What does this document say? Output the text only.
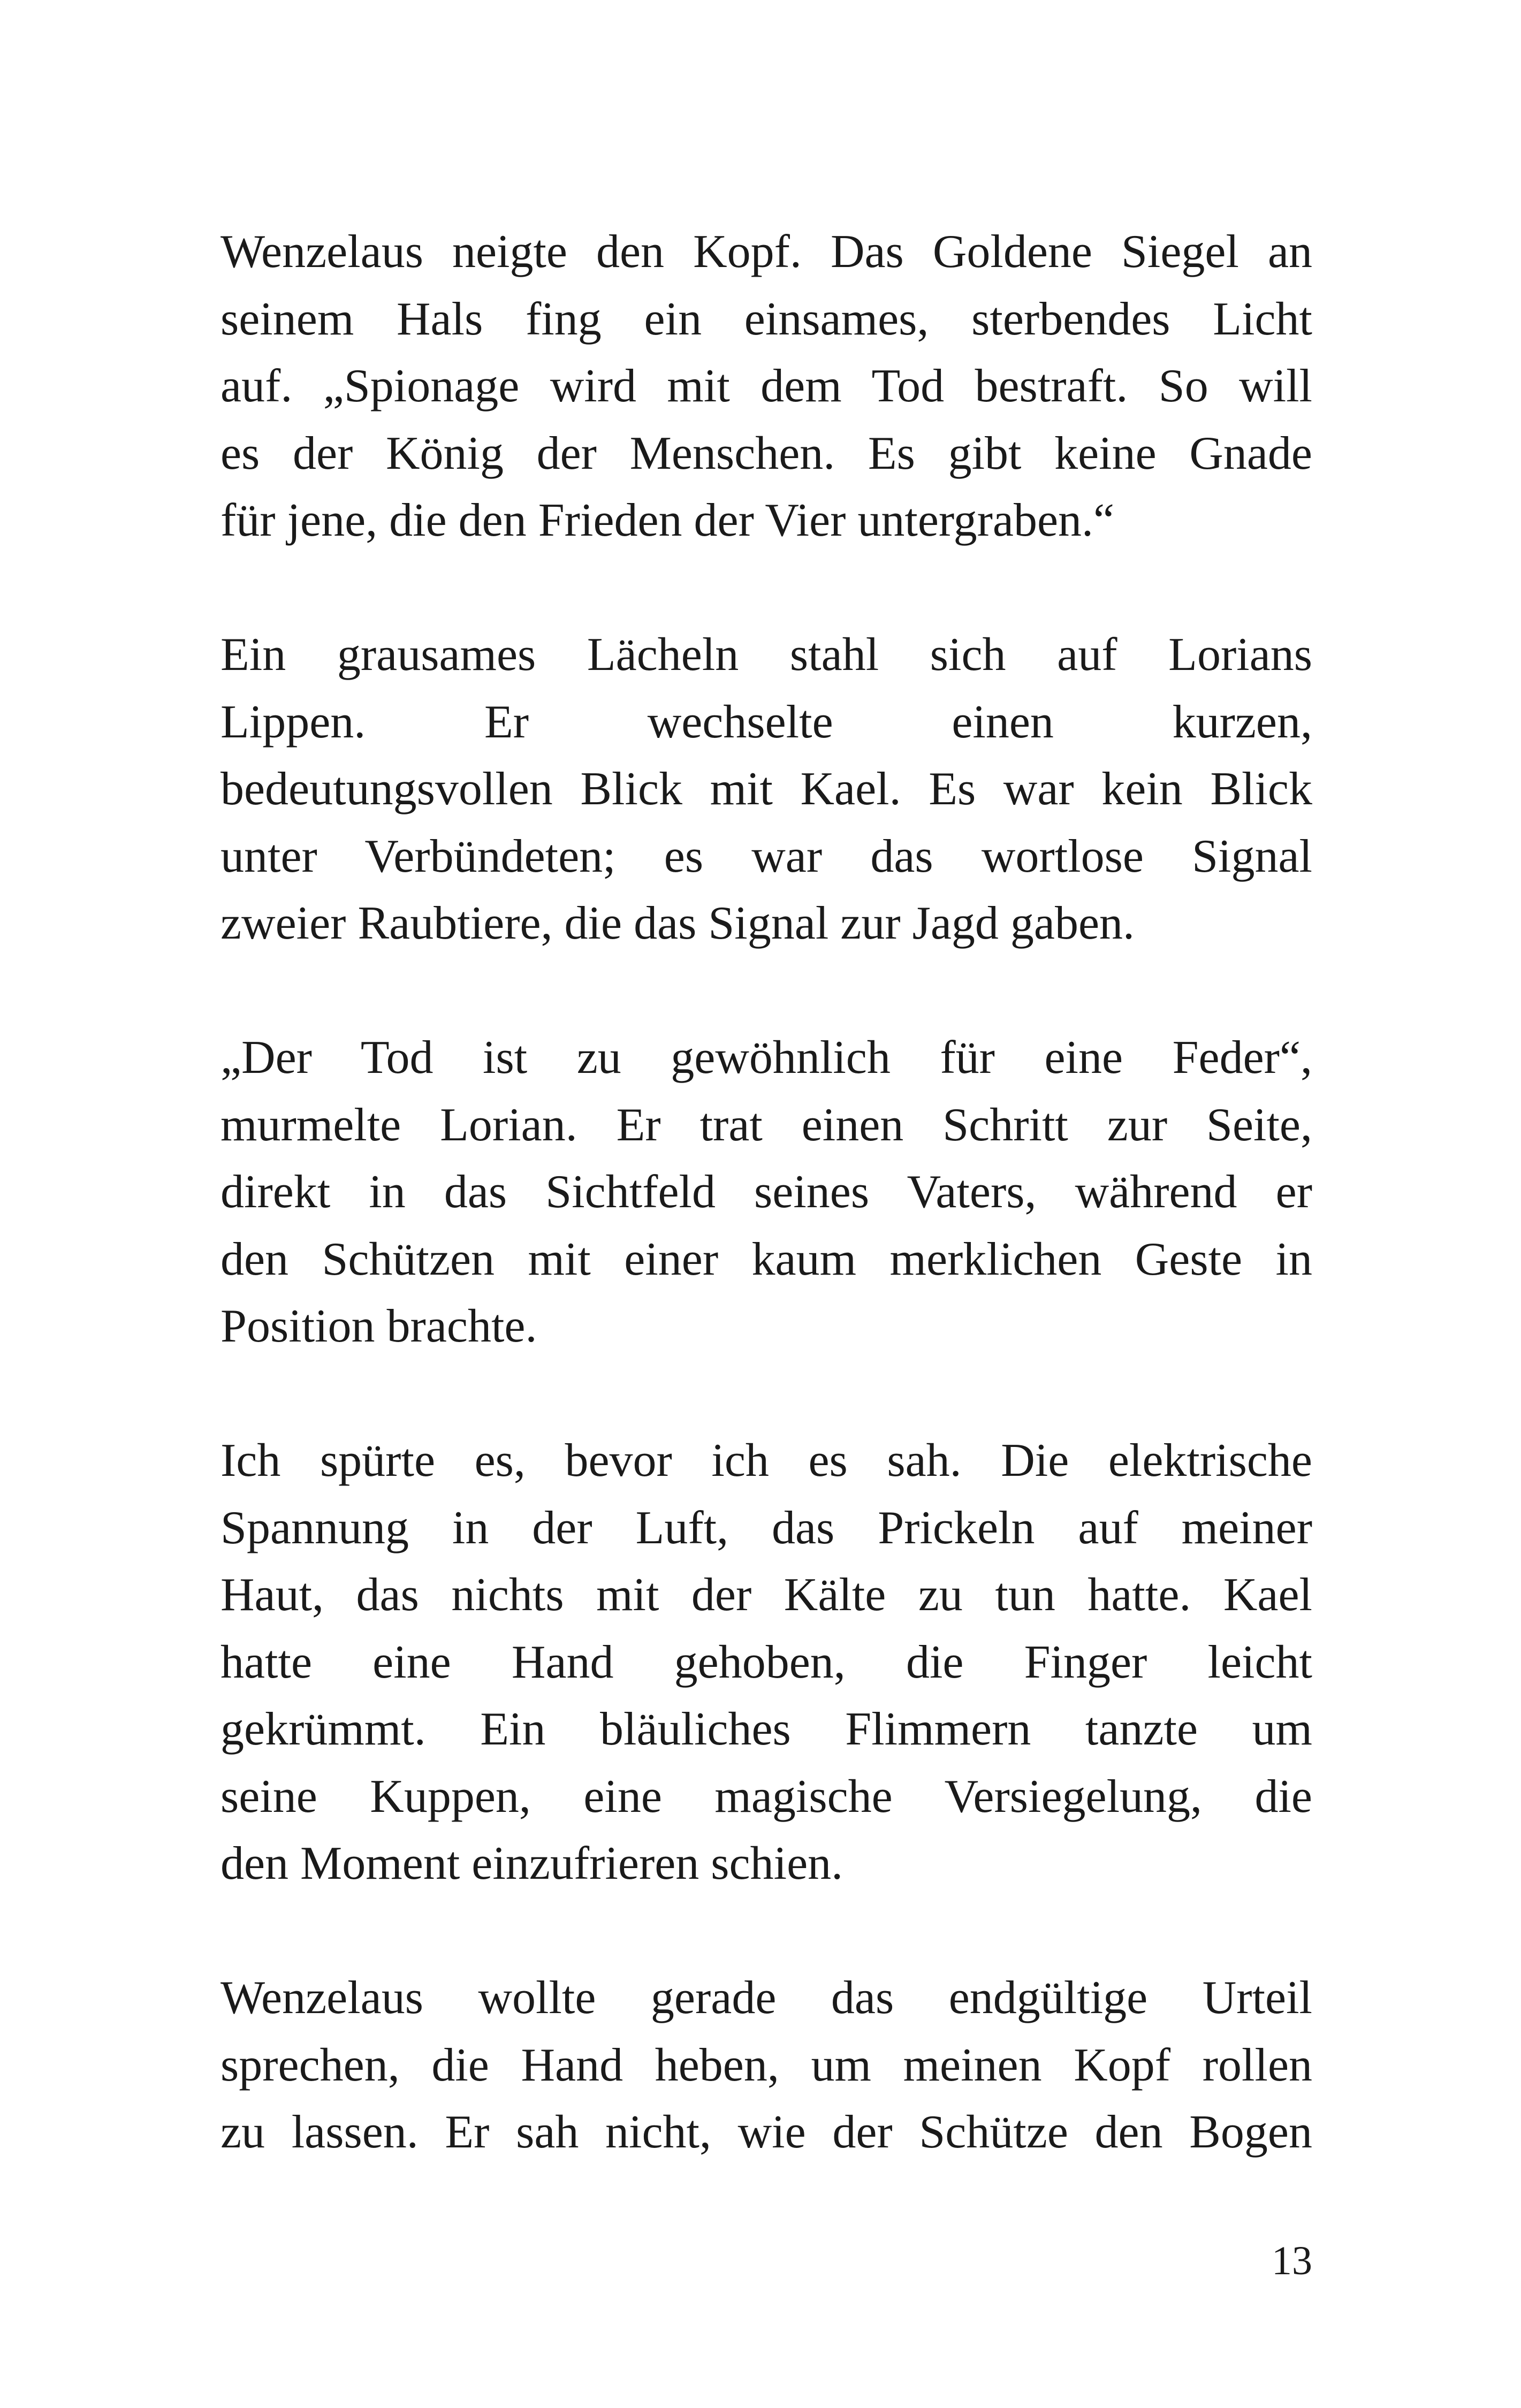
Wenzelaus neigte den Kopf. Das Goldene Siegel an
seinem Hals fing ein einsames, sterbendes Licht
auf. „Spionage wird mit dem Tod bestraft. So will
es der König der Menschen. Es gibt keine Gnade
für jene, die den Frieden der Vier untergraben.“

Ein grausames Lächeln stahl sich auf Lorians
Lippen. Er wechselte einen kurzen,
bedeutungsvollen Blick mit Kael. Es war kein Blick
unter Verbündeten; es war das wortlose Signal
zweier Raubtiere, die das Signal zur Jagd gaben.

„Der Tod ist zu gewöhnlich für eine Feder“,
murmelte Lorian. Er trat einen Schritt zur Seite,
direkt in das Sichtfeld seines Vaters, während er
den Schützen mit einer kaum merklichen Geste in
Position brachte.

Ich spürte es, bevor ich es sah. Die elektrische
Spannung in der Luft, das Prickeln auf meiner
Haut, das nichts mit der Kälte zu tun hatte. Kael
hatte eine Hand gehoben, die Finger leicht
gekrümmt. Ein bläuliches Flimmern tanzte um
seine Kuppen, eine magische Versiegelung, die
den Moment einzufrieren schien.

Wenzelaus wollte gerade das endgültige Urteil
sprechen, die Hand heben, um meinen Kopf rollen
zu lassen. Er sah nicht, wie der Schütze den Bogen

13
